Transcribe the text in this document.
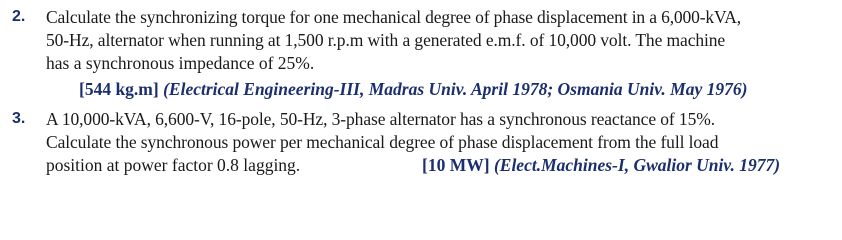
2. Calculate the synchronizing torque for one mechanical degree of phase displacement in a 6,000-kVA,
50-Hz, alternator when running at 1,500 r.p.m with a generated e.m.f. of 10,000 volt. The machine
has a synchronous impedance of 25%.
[544 kg.m] (Electrical Engineering-III, Madras Univ. April 1978; Osmania Univ. May 1976)
3. A 10,000-kVA, 6,600-V, 16-pole, 50-Hz, 3-phase alternator has a synchronous reactance of 15%.
Calculate the synchronous power per mechanical degree of phase displacement from the full load
position at power factor 0.8 lagging.	[10 MW] (Elect.Machines-I, Gwalior Univ. 1977)
